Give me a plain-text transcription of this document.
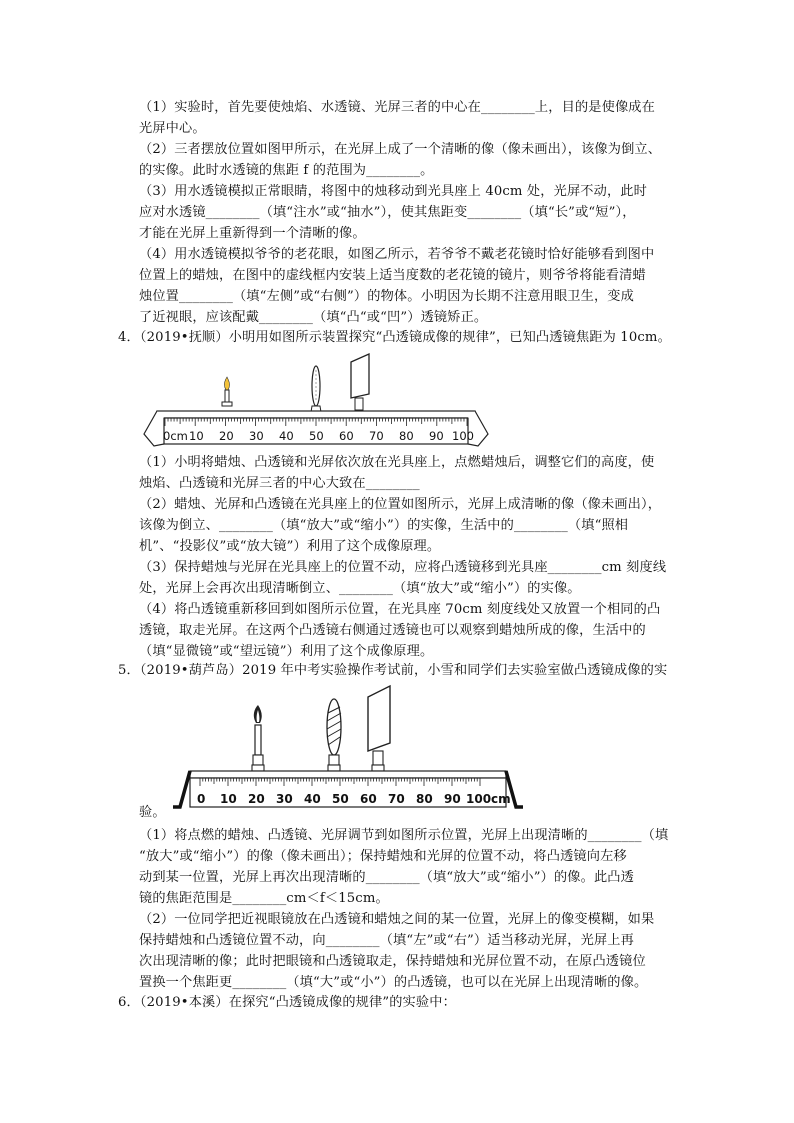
（1）实验时，首先要使烛焰、水透镜、光屏三者的中心在________上，目的是使像成在
光屏中心。
（2）三者摆放位置如图甲所示，在光屏上成了一个清晰的像（像未画出），该像为倒立、
的实像。此时水透镜的焦距 f 的范围为________。
（3）用水透镜模拟正常眼睛，将图中的烛移动到光具座上 40cm 处，光屏不动，此时
应对水透镜________（填“注水”或“抽水”），使其焦距变________（填“长”或“短”），
才能在光屏上重新得到一个清晰的像。
（4）用水透镜模拟爷爷的老花眼，如图乙所示，若爷爷不戴老花镜时恰好能够看到图中
位置上的蜡烛，在图中的虚线框内安装上适当度数的老花镜的镜片，则爷爷将能看清蜡
烛位置________（填“左侧”或“右侧”）的物体。小明因为长期不注意用眼卫生，变成
了近视眼，应该配戴________（填“凸“或“凹”）透镜矫正。
4．（2019•抚顺）小明用如图所示装置探究“凸透镜成像的规律”，已知凸透镜焦距为 10cm。
0cm 10 20 30 40 50 60 70 80 90 100
（1）小明将蜡烛、凸透镜和光屏依次放在光具座上，点燃蜡烛后，调整它们的高度，使
烛焰、凸透镜和光屏三者的中心大致在________
（2）蜡烛、光屏和凸透镜在光具座上的位置如图所示，光屏上成清晰的像（像未画出），
该像为倒立、________（填“放大”或“缩小”）的实像，生活中的________（填“照相
机”、“投影仪”或“放大镜”）利用了这个成像原理。
（3）保持蜡烛与光屏在光具座上的位置不动，应将凸透镜移到光具座________cm 刻度线
处，光屏上会再次出现清晰倒立、________（填“放大”或“缩小”）的实像。
（4）将凸透镜重新移回到如图所示位置，在光具座 70cm 刻度线处又放置一个相同的凸
透镜，取走光屏。在这两个凸透镜右侧通过透镜也可以观察到蜡烛所成的像，生活中的
（填“显微镜”或“望远镜”）利用了这个成像原理。
5．（2019•葫芦岛）2019 年中考实验操作考试前，小雪和同学们去实验室做凸透镜成像的实
0 10 20 30 40 50 60 70 80 90 100cm
验。
（1）将点燃的蜡烛、凸透镜、光屏调节到如图所示位置，光屏上出现清晰的________（填
“放大”或“缩小”）的像（像未画出）；保持蜡烛和光屏的位置不动，将凸透镜向左移
动到某一位置，光屏上再次出现清晰的________（填“放大”或“缩小”）的像。此凸透
镜的焦距范围是________cm＜f＜15cm。
（2）一位同学把近视眼镜放在凸透镜和蜡烛之间的某一位置，光屏上的像变模糊，如果
保持蜡烛和凸透镜位置不动，向________（填“左”或“右”）适当移动光屏，光屏上再
次出现清晰的像；此时把眼镜和凸透镜取走，保持蜡烛和光屏位置不动，在原凸透镜位
置换一个焦距更________（填“大”或“小”）的凸透镜，也可以在光屏上出现清晰的像。
6．（2019•本溪）在探究“凸透镜成像的规律”的实验中：
